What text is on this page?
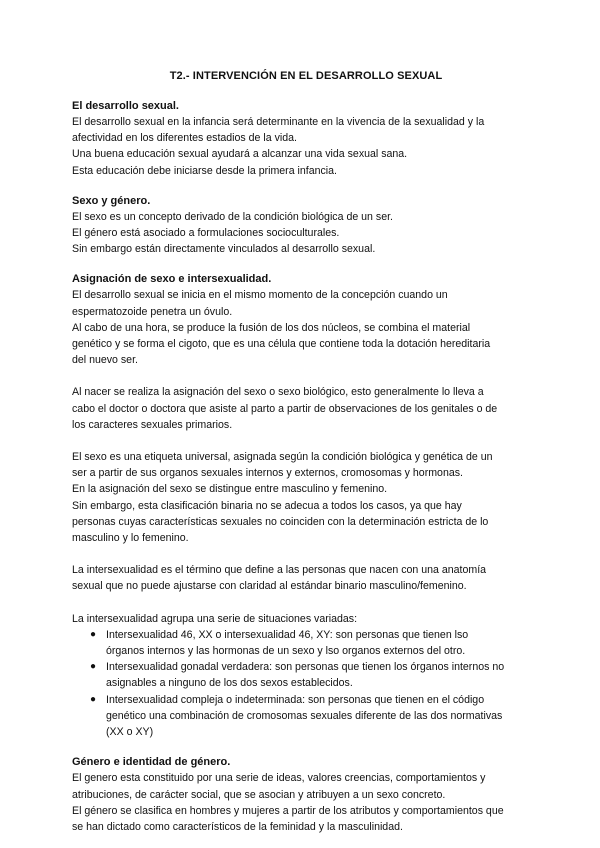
T2.- INTERVENCIÓN EN EL DESARROLLO SEXUAL
El desarrollo sexual.
El desarrollo sexual en la infancia será determinante en la vivencia de la sexualidad y la
afectividad en los diferentes estadios de la vida.
Una buena educación sexual ayudará a alcanzar una vida sexual sana.
Esta educación debe iniciarse desde la primera infancia.
Sexo y género.
El sexo es un concepto derivado de la condición biológica de un ser.
El género está asociado a formulaciones socioculturales.
Sin embargo están directamente vinculados al desarrollo sexual.
Asignación de sexo e intersexualidad.
El desarrollo sexual se inicia en el mismo momento de la concepción cuando un
espermatozoide penetra un óvulo.
Al cabo de una hora, se produce la fusión de los dos núcleos, se combina el material
genético y se forma el cigoto, que es una célula que contiene toda la dotación hereditaria
del nuevo ser.
Al nacer se realiza la asignación del sexo o sexo biológico, esto generalmente lo lleva a
cabo el doctor o doctora que asiste al parto a partir de observaciones de los genitales o de
los caracteres sexuales primarios.
El sexo es una etiqueta universal, asignada según la condición biológica y genética de un
ser a partir de sus organos sexuales internos y externos, cromosomas y hormonas.
En la asignación del sexo se distingue entre masculino y femenino.
Sin embargo, esta clasificación binaria no se adecua a todos los casos, ya que hay
personas cuyas características sexuales no coinciden con la determinación estricta de lo
masculino y lo femenino.
La intersexualidad es el término que define a las personas que nacen con una anatomía
sexual que no puede ajustarse con claridad al estándar binario masculino/femenino.
La intersexualidad agrupa una serie de situaciones variadas:
● Intersexualidad 46, XX o intersexualidad 46, XY: son personas que tienen lso
órganos internos y las hormonas de un sexo y lso organos externos del otro.
● Intersexualidad gonadal verdadera: son personas que tienen los órganos internos no
asignables a ninguno de los dos sexos establecidos.
● Intersexualidad compleja o indeterminada: son personas que tienen en el código
genético una combinación de cromosomas sexuales diferente de las dos normativas
(XX o XY)
Género e identidad de género.
El genero esta constituido por una serie de ideas, valores creencias, comportamientos y
atribuciones, de carácter social, que se asocian y atribuyen a un sexo concreto.
El género se clasifica en hombres y mujeres a partir de los atributos y comportamientos que
se han dictado como característicos de la feminidad y la masculinidad.
